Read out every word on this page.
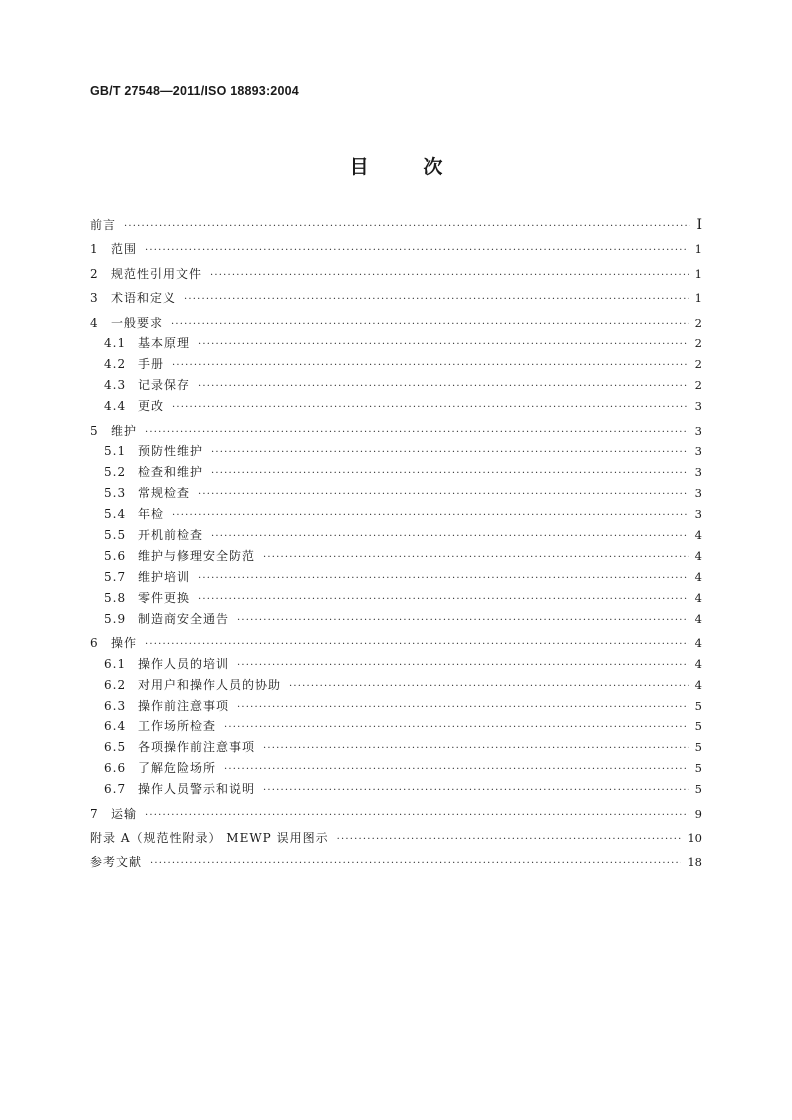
GB/T 27548—2011/ISO 18893:2004
目	次
前言 ·····	I
1	范围 ·····	1
2	规范性引用文件 ·····	1
3	术语和定义 ·····	1
4	一般要求 ·····	2
4.1 基本原理 ·····	2
4.2 手册 ·····	2
4.3 记录保存 ·····	2
4.4 更改 ·····	3
5	维护 ·····	3
5.1 预防性维护 ·····	3
5.2 检查和维护 ·····	3
5.3 常规检查 ·····	3
5.4 年检 ·····	3
5.5 开机前检查 ·····	4
5.6 维护与修理安全防范 ·····	4
5.7 维护培训 ·····	4
5.8 零件更换 ·····	4
5.9 制造商安全通告 ·····	4
6	操作 ·····	4
6.1 操作人员的培训 ·····	4
6.2 对用户和操作人员的协助 ·····	4
6.3 操作前注意事项 ·····	5
6.4 工作场所检查 ·····	5
6.5 各项操作前注意事项 ·····	5
6.6 了解危险场所 ·····	5
6.7 操作人员警示和说明 ·····	5
7	运输 ·····	9
附录 A（规范性附录） MEWP 误用图示 ·····	10
参考文献 ·····	18
